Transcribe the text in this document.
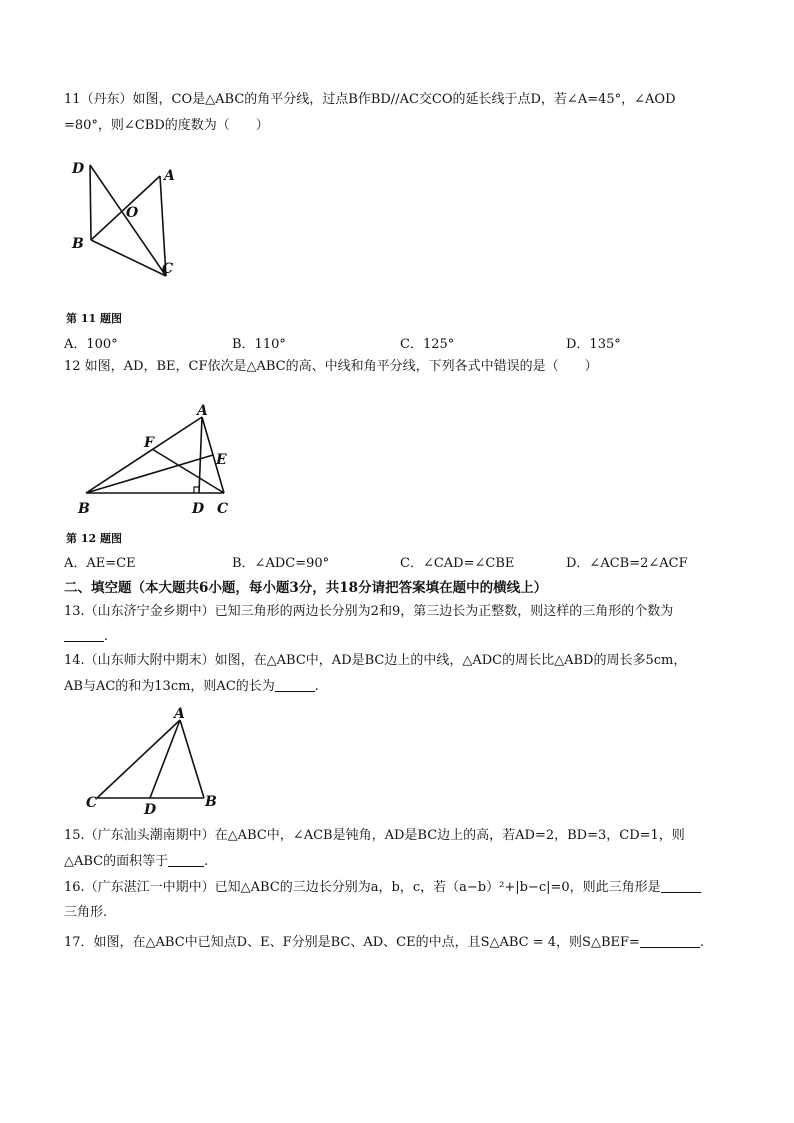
11（丹东）如图，CO是△ABC的角平分线，过点B作BD//AC交CO的延长线于点D，若∠A=45°，∠AOD
=80°，则∠CBD的度数为（　　）
D	A
O
B
C
第 11 题图
A．100°	B．110°	C．125°	D．135°
12 如图，AD，BE，CF依次是△ABC的高、中线和角平分线，下列各式中错误的是（　　）
A
F
E
B	D C
第 12 题图
A．AE=CE	B．∠ADC=90°	C．∠CAD=∠CBE	D．∠ACB=2∠ACF
二、填空题（本大题共6小题，每小题3分，共18分请把答案填在题中的横线上）
13.（山东济宁金乡期中）已知三角形的两边长分别为2和9，第三边长为正整数，则这样的三角形的个数为
.
14.（山东师大附中期末）如图，在△ABC中，AD是BC边上的中线，△ADC的周长比△ABD的周长多5cm，
AB与AC的和为13cm，则AC的长为	.
A
C	D	B
15.（广东汕头潮南期中）在△ABC中，∠ACB是钝角，AD是BC边上的高，若AD=2，BD=3，CD=1，则
△ABC的面积等于	.
16.（广东湛江一中期中）已知△ABC的三边长分别为a，b，c，若（a−b）²+|b−c|=0，则此三角形是
三角形.
17．如图，在△ABC中已知点D、E、F分别是BC、AD、CE的中点，且S△ABC = 4，则S△BEF=	.
